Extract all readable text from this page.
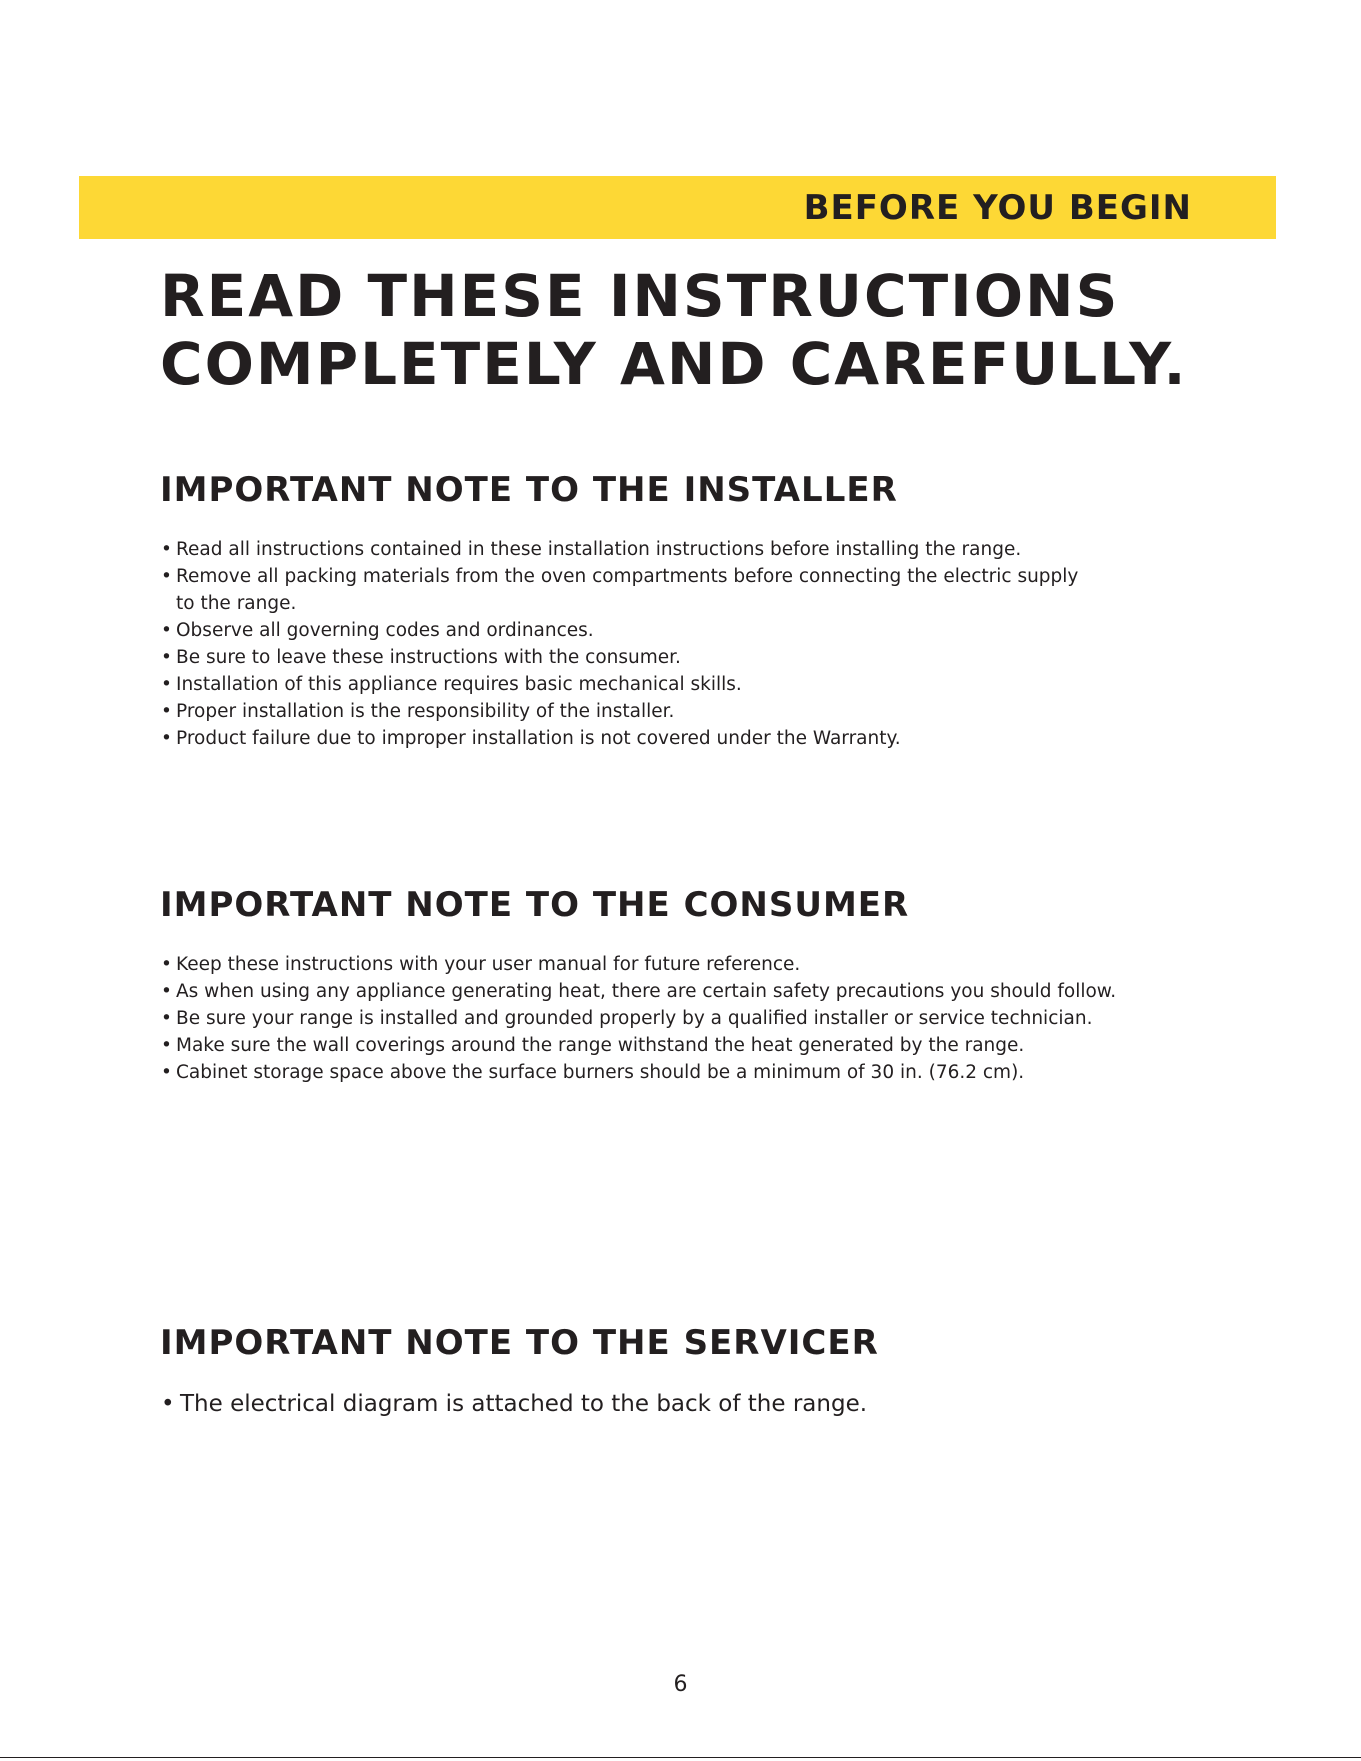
BEFORE YOU BEGIN
READ THESE INSTRUCTIONS
COMPLETELY AND CAREFULLY.
IMPORTANT NOTE TO THE INSTALLER
• Read all instructions contained in these installation instructions before installing the range.
• Remove all packing materials from the oven compartments before connecting the electric supply
to the range.
• Observe all governing codes and ordinances.
• Be sure to leave these instructions with the consumer.
• Installation of this appliance requires basic mechanical skills.
• Proper installation is the responsibility of the installer.
• Product failure due to improper installation is not covered under the Warranty.
IMPORTANT NOTE TO THE CONSUMER
• Keep these instructions with your user manual for future reference.
• As when using any appliance generating heat, there are certain safety precautions you should follow.
• Be sure your range is installed and grounded properly by a qualified installer or service technician.
• Make sure the wall coverings around the range withstand the heat generated by the range.
• Cabinet storage space above the surface burners should be a minimum of 30 in. (76.2 cm).
IMPORTANT NOTE TO THE SERVICER
• The electrical diagram is attached to the back of the range.
6
